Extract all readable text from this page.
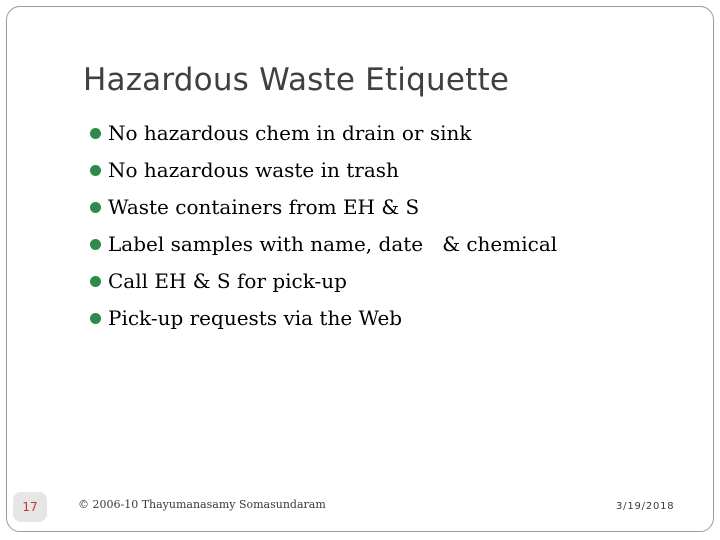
Hazardous Waste Etiquette
No hazardous chem in drain or sink
No hazardous waste in trash
Waste containers from EH & S
Label samples with name, date   & chemical
Call EH & S for pick-up
Pick-up requests via the Web
17	© 2006-10 Thayumanasamy Somasundaram	3/19/2018
